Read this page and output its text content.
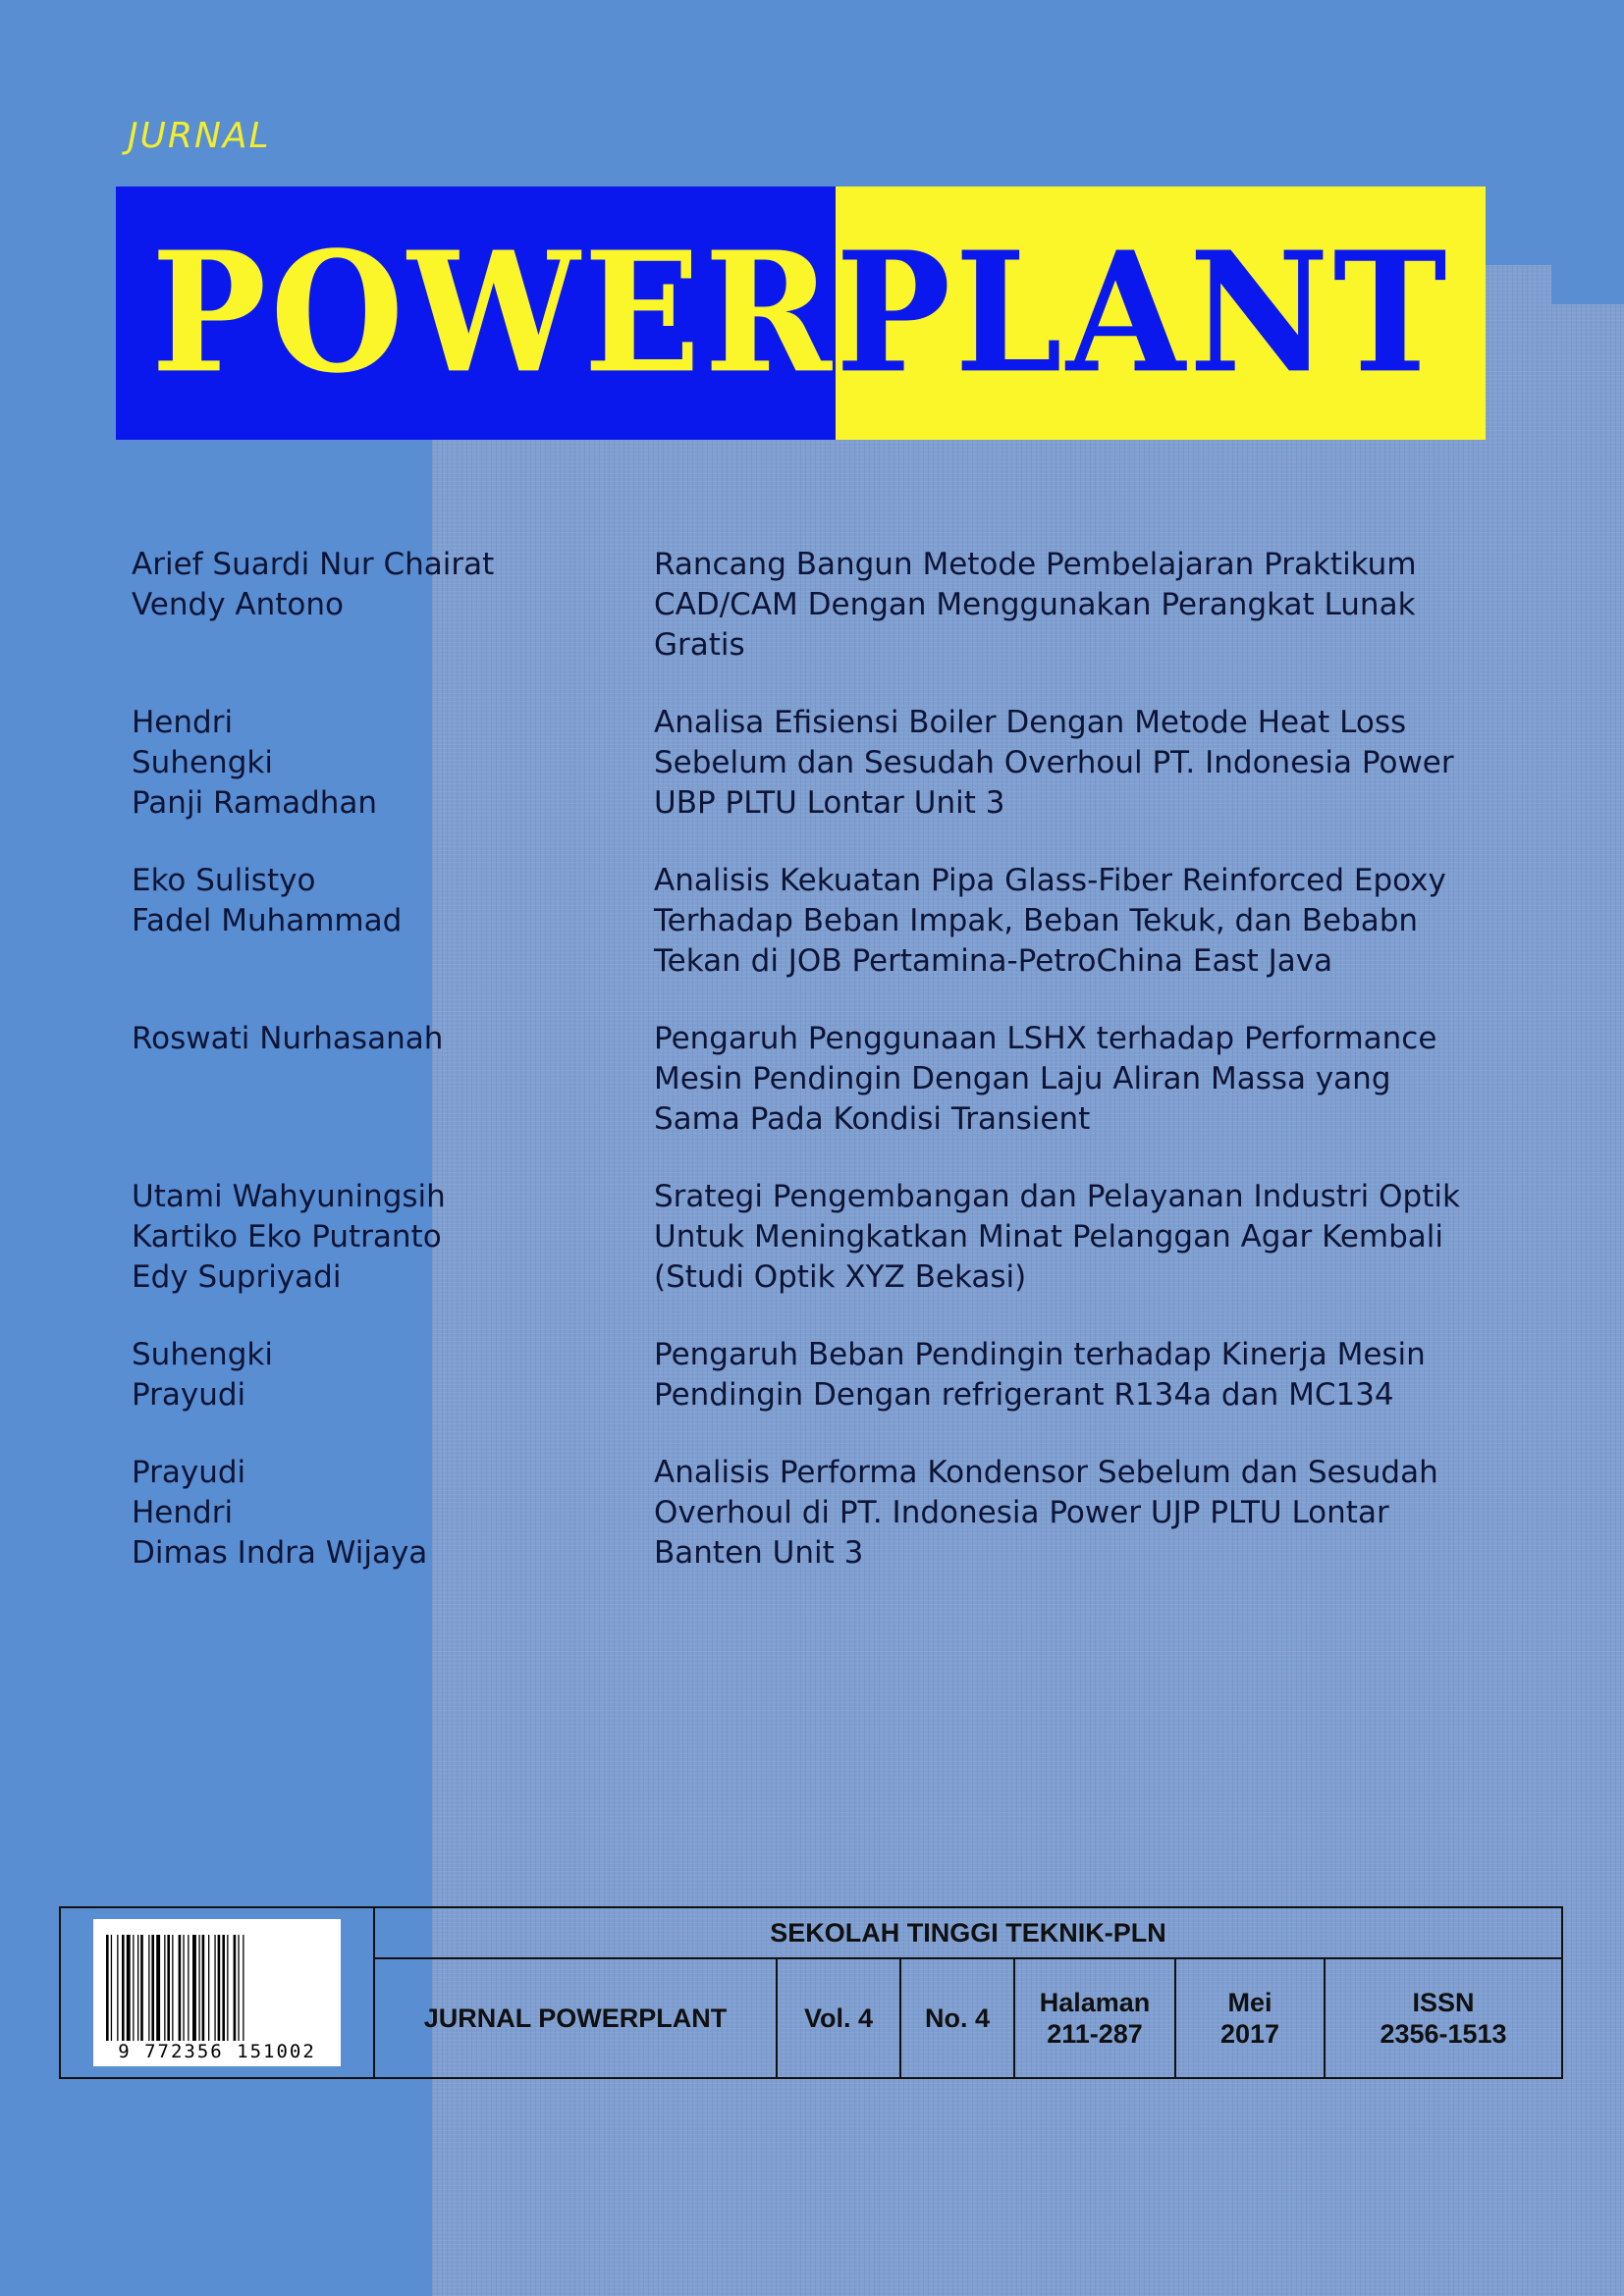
JURNAL
POWER PLANT
Arief Suardi Nur Chairat
Vendy Antono
Rancang Bangun Metode Pembelajaran Praktikum
CAD/CAM Dengan Menggunakan Perangkat Lunak
Gratis
Hendri
Suhengki
Panji Ramadhan
Analisa Efisiensi Boiler Dengan Metode Heat Loss
Sebelum dan Sesudah Overhoul PT. Indonesia Power
UBP PLTU Lontar Unit 3
Eko Sulistyo
Fadel Muhammad
Analisis Kekuatan Pipa Glass-Fiber Reinforced Epoxy
Terhadap Beban Impak, Beban Tekuk, dan Bebabn
Tekan di JOB Pertamina-PetroChina East Java
Roswati Nurhasanah	Pengaruh Penggunaan LSHX terhadap Performance
Mesin Pendingin Dengan Laju Aliran Massa yang
Sama Pada Kondisi Transient
Utami Wahyuningsih
Kartiko Eko Putranto
Edy Supriyadi
Srategi Pengembangan dan Pelayanan Industri Optik
Untuk Meningkatkan Minat Pelanggan Agar Kembali
(Studi Optik XYZ Bekasi)
Suhengki
Prayudi
Pengaruh Beban Pendingin terhadap Kinerja Mesin
Pendingin Dengan refrigerant R134a dan MC134
Prayudi
Hendri
Dimas Indra Wijaya
Analisis Performa Kondensor Sebelum dan Sesudah
Overhoul di PT. Indonesia Power UJP PLTU Lontar
Banten Unit 3
9 772356 151002
SEKOLAH TINGGI TEKNIK-PLN
JURNAL POWERPLANT	Vol. 4 No. 4
Halaman
211-287
Mei
2017
ISSN
2356-1513
